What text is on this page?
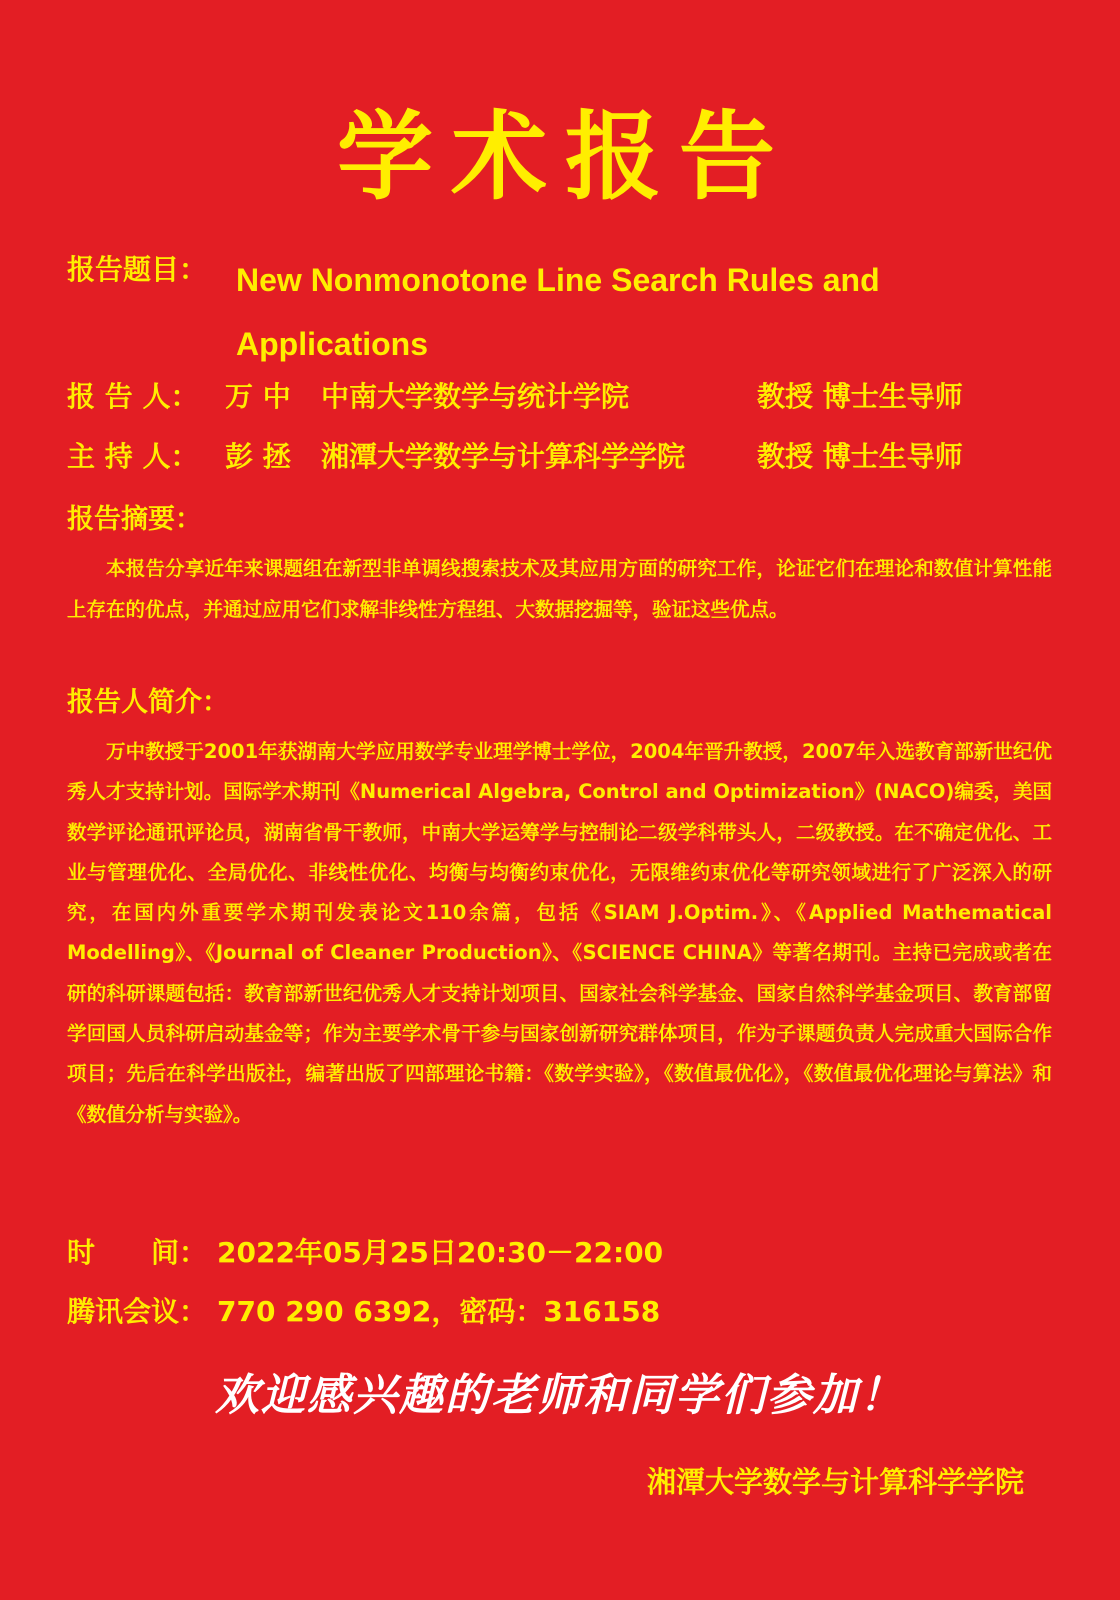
学术报告
报告题目： New Nonmonotone Line Search Rules and Applications
报 告 人： 万 中 中南大学数学与统计学院	教授 博士生导师
主 持 人： 彭 拯 湘潭大学数学与计算科学学院	教授 博士生导师
报告摘要：

本报告分享近年来课题组在新型非单调线搜索技术及其应用方面的研究工作，论证它们在理论和数值计算性能上存在的优点，并通过应用它们求解非线性方程组、大数据挖掘等，验证这些优点。

报告人简介：

万中教授于2001年获湖南大学应用数学专业理学博士学位，2004年晋升教授，2007年入选教育部新世纪优秀人才支持计划。国际学术期刊《Numerical Algebra, Control and Optimization》(NACO)编委，美国数学评论通讯评论员，湖南省骨干教师，中南大学运筹学与控制论二级学科带头人，二级教授。在不确定优化、工业与管理优化、全局优化、非线性优化、均衡与均衡约束优化，无限维约束优化等研究领域进行了广泛深入的研究，在国内外重要学术期刊发表论文110余篇，包括《SIAM J.Optim.》、《Applied Mathematical Modelling》、《Journal of Cleaner Production》、《SCIENCE CHINA》等著名期刊。主持已完成或者在研的科研课题包括：教育部新世纪优秀人才支持计划项目、国家社会科学基金、国家自然科学基金项目、教育部留学回国人员科研启动基金等；作为主要学术骨干参与国家创新研究群体项目，作为子课题负责人完成重大国际合作项目；先后在科学出版社，编著出版了四部理论书籍：《数学实验》，《数值最优化》，《数值最优化理论与算法》和《数值分析与实验》。

时　　间： 2022年05月25日20:30－22:00
腾讯会议： 770 290 6392，密码：316158
欢迎感兴趣的老师和同学们参加！
湘潭大学数学与计算科学学院
